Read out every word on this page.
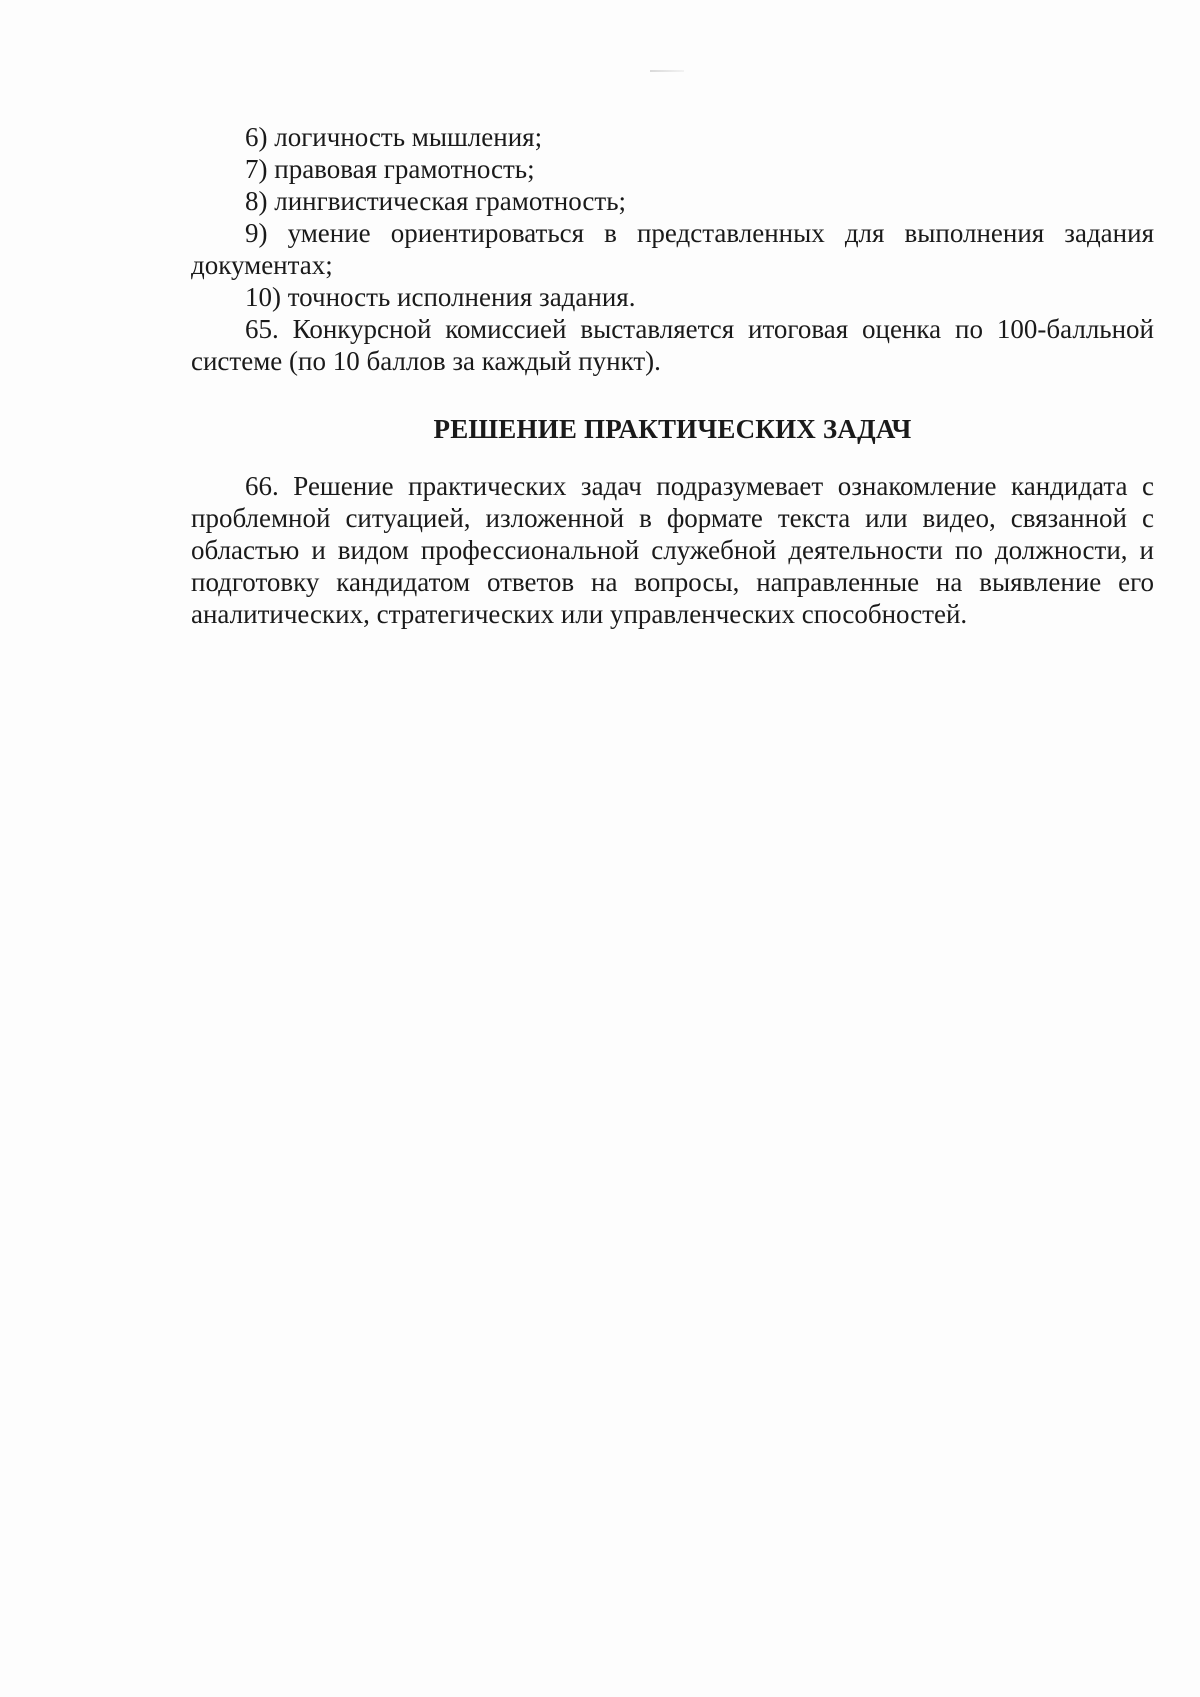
6) логичность мышления;

7) правовая грамотность;

8) лингвистическая грамотность;

9) умение ориентироваться в представленных для выполнения задания документах;

10) точность исполнения задания.

65. Конкурсной комиссией выставляется итоговая оценка по 100-балльной системе (по 10 баллов за каждый пункт).

РЕШЕНИЕ ПРАКТИЧЕСКИХ ЗАДАЧ

66. Решение практических задач подразумевает ознакомление кандидата с проблемной ситуацией, изложенной в формате текста или видео, связанной с областью и видом профессиональной служебной деятельности по должности, и подготовку кандидатом ответов на вопросы, направленные на выявление его аналитических, стратегических или управленческих способностей.
